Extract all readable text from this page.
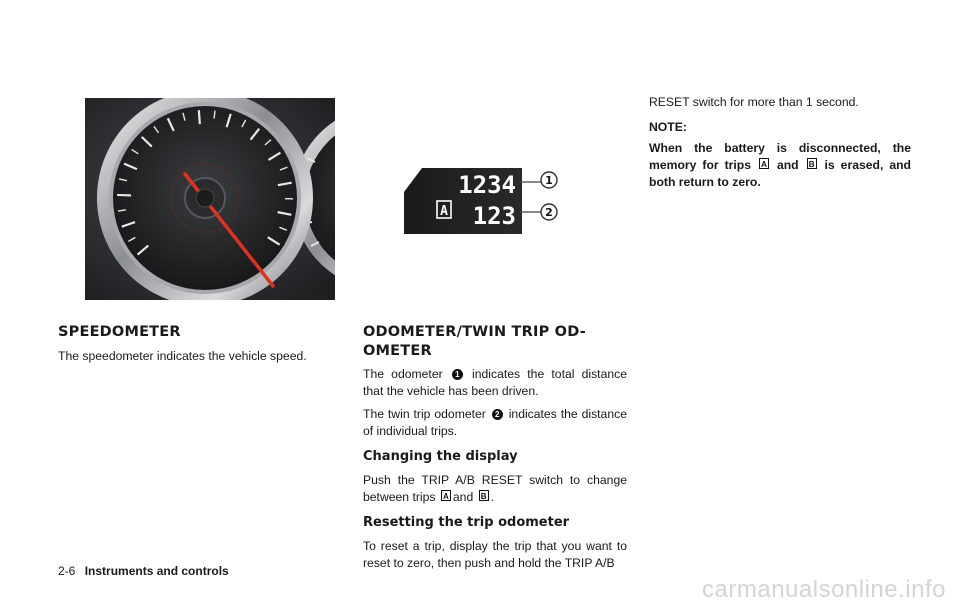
1234
A 123
1
2
SPEEDOMETER

The speedometer indicates the vehicle speed.

ODOMETER/TWIN TRIP OD-
OMETER

The odometer 1 indicates the total distance that the vehicle has been driven.

The twin trip odometer 2 indicates the distance of individual trips.

Changing the display

Push the TRIP A/B RESET switch to change between trips A and B .

Resetting the trip odometer

To reset a trip, display the trip that you want to reset to zero, then push and hold the TRIP A/B

RESET switch for more than 1 second.

NOTE:

When the battery is disconnected, the memory for trips A and B is erased, and both return to zero.

2-6 Instruments and controls
carmanualsonline.info
